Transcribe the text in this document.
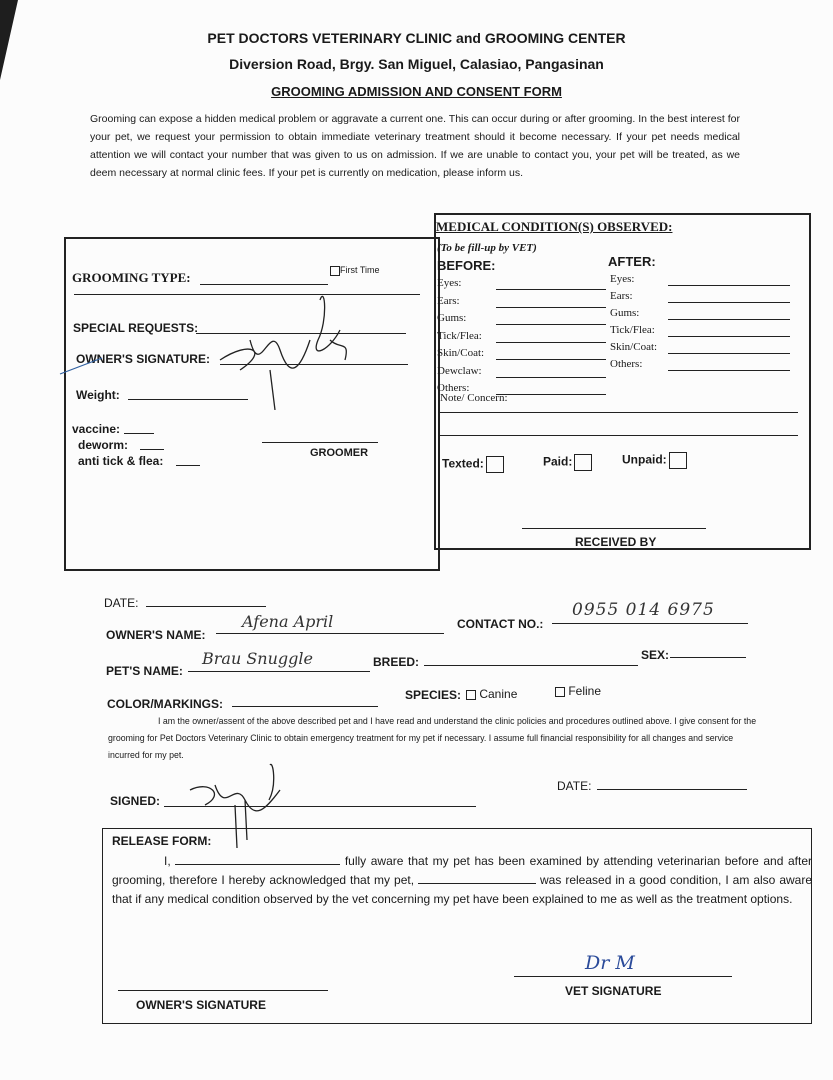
PET DOCTORS VETERINARY CLINIC and GROOMING CENTER
Diversion Road, Brgy. San Miguel, Calasiao, Pangasinan
GROOMING ADMISSION AND CONSENT FORM
Grooming can expose a hidden medical problem or aggravate a current one. This can occur during or after grooming. In the best interest for your pet, we request your permission to obtain immediate veterinary treatment should it become necessary. If your pet needs medical attention we will contact your number that was given to us on admission. If we are unable to contact you, your pet will be treated, as we deem necessary at normal clinic fees. If your pet is currently on medication, please inform us.
GROOMING TYPE:	First Time
SPECIAL REQUESTS:
OWNER'S SIGNATURE:
Weight:
vaccine:
deworm:
anti tick & flea:
GROOMER
MEDICAL CONDITION(S) OBSERVED:
(To be fill-up by VET)
BEFORE:	AFTER:
Eyes:
Ears:
Gums:
Tick/Flea:
Skin/Coat:
Dewclaw:
Others:
Eyes:
Ears:
Gums:
Tick/Flea:
Skin/Coat:
Others:
Note/ Concern:
Texted:	Paid:	Unpaid:
RECEIVED BY
DATE:
OWNER'S NAME:
Afena April	CONTACT NO.:
0955 014 6975
PET'S NAME:
Brau Snuggle	BREED:	SEX:
COLOR/MARKINGS:
SPECIES:	Canine	Feline
I am the owner/assent of the above described pet and I have read and understand the clinic policies and procedures outlined above. I give consent for the grooming for Pet Doctors Veterinary Clinic to obtain emergency treatment for my pet if necessary. I assume full financial responsibility for all changes and service incurred for my pet.
SIGNED:
DATE:
RELEASE FORM:
I,	fully aware that my pet has been examined by attending veterinarian before and after grooming, therefore I hereby acknowledged that my pet,	was released in a good condition, I am also aware that if any medical condition observed by the vet concerning my pet have been explained to me as well as the treatment options.
Dr M
VET SIGNATURE
OWNER'S SIGNATURE
